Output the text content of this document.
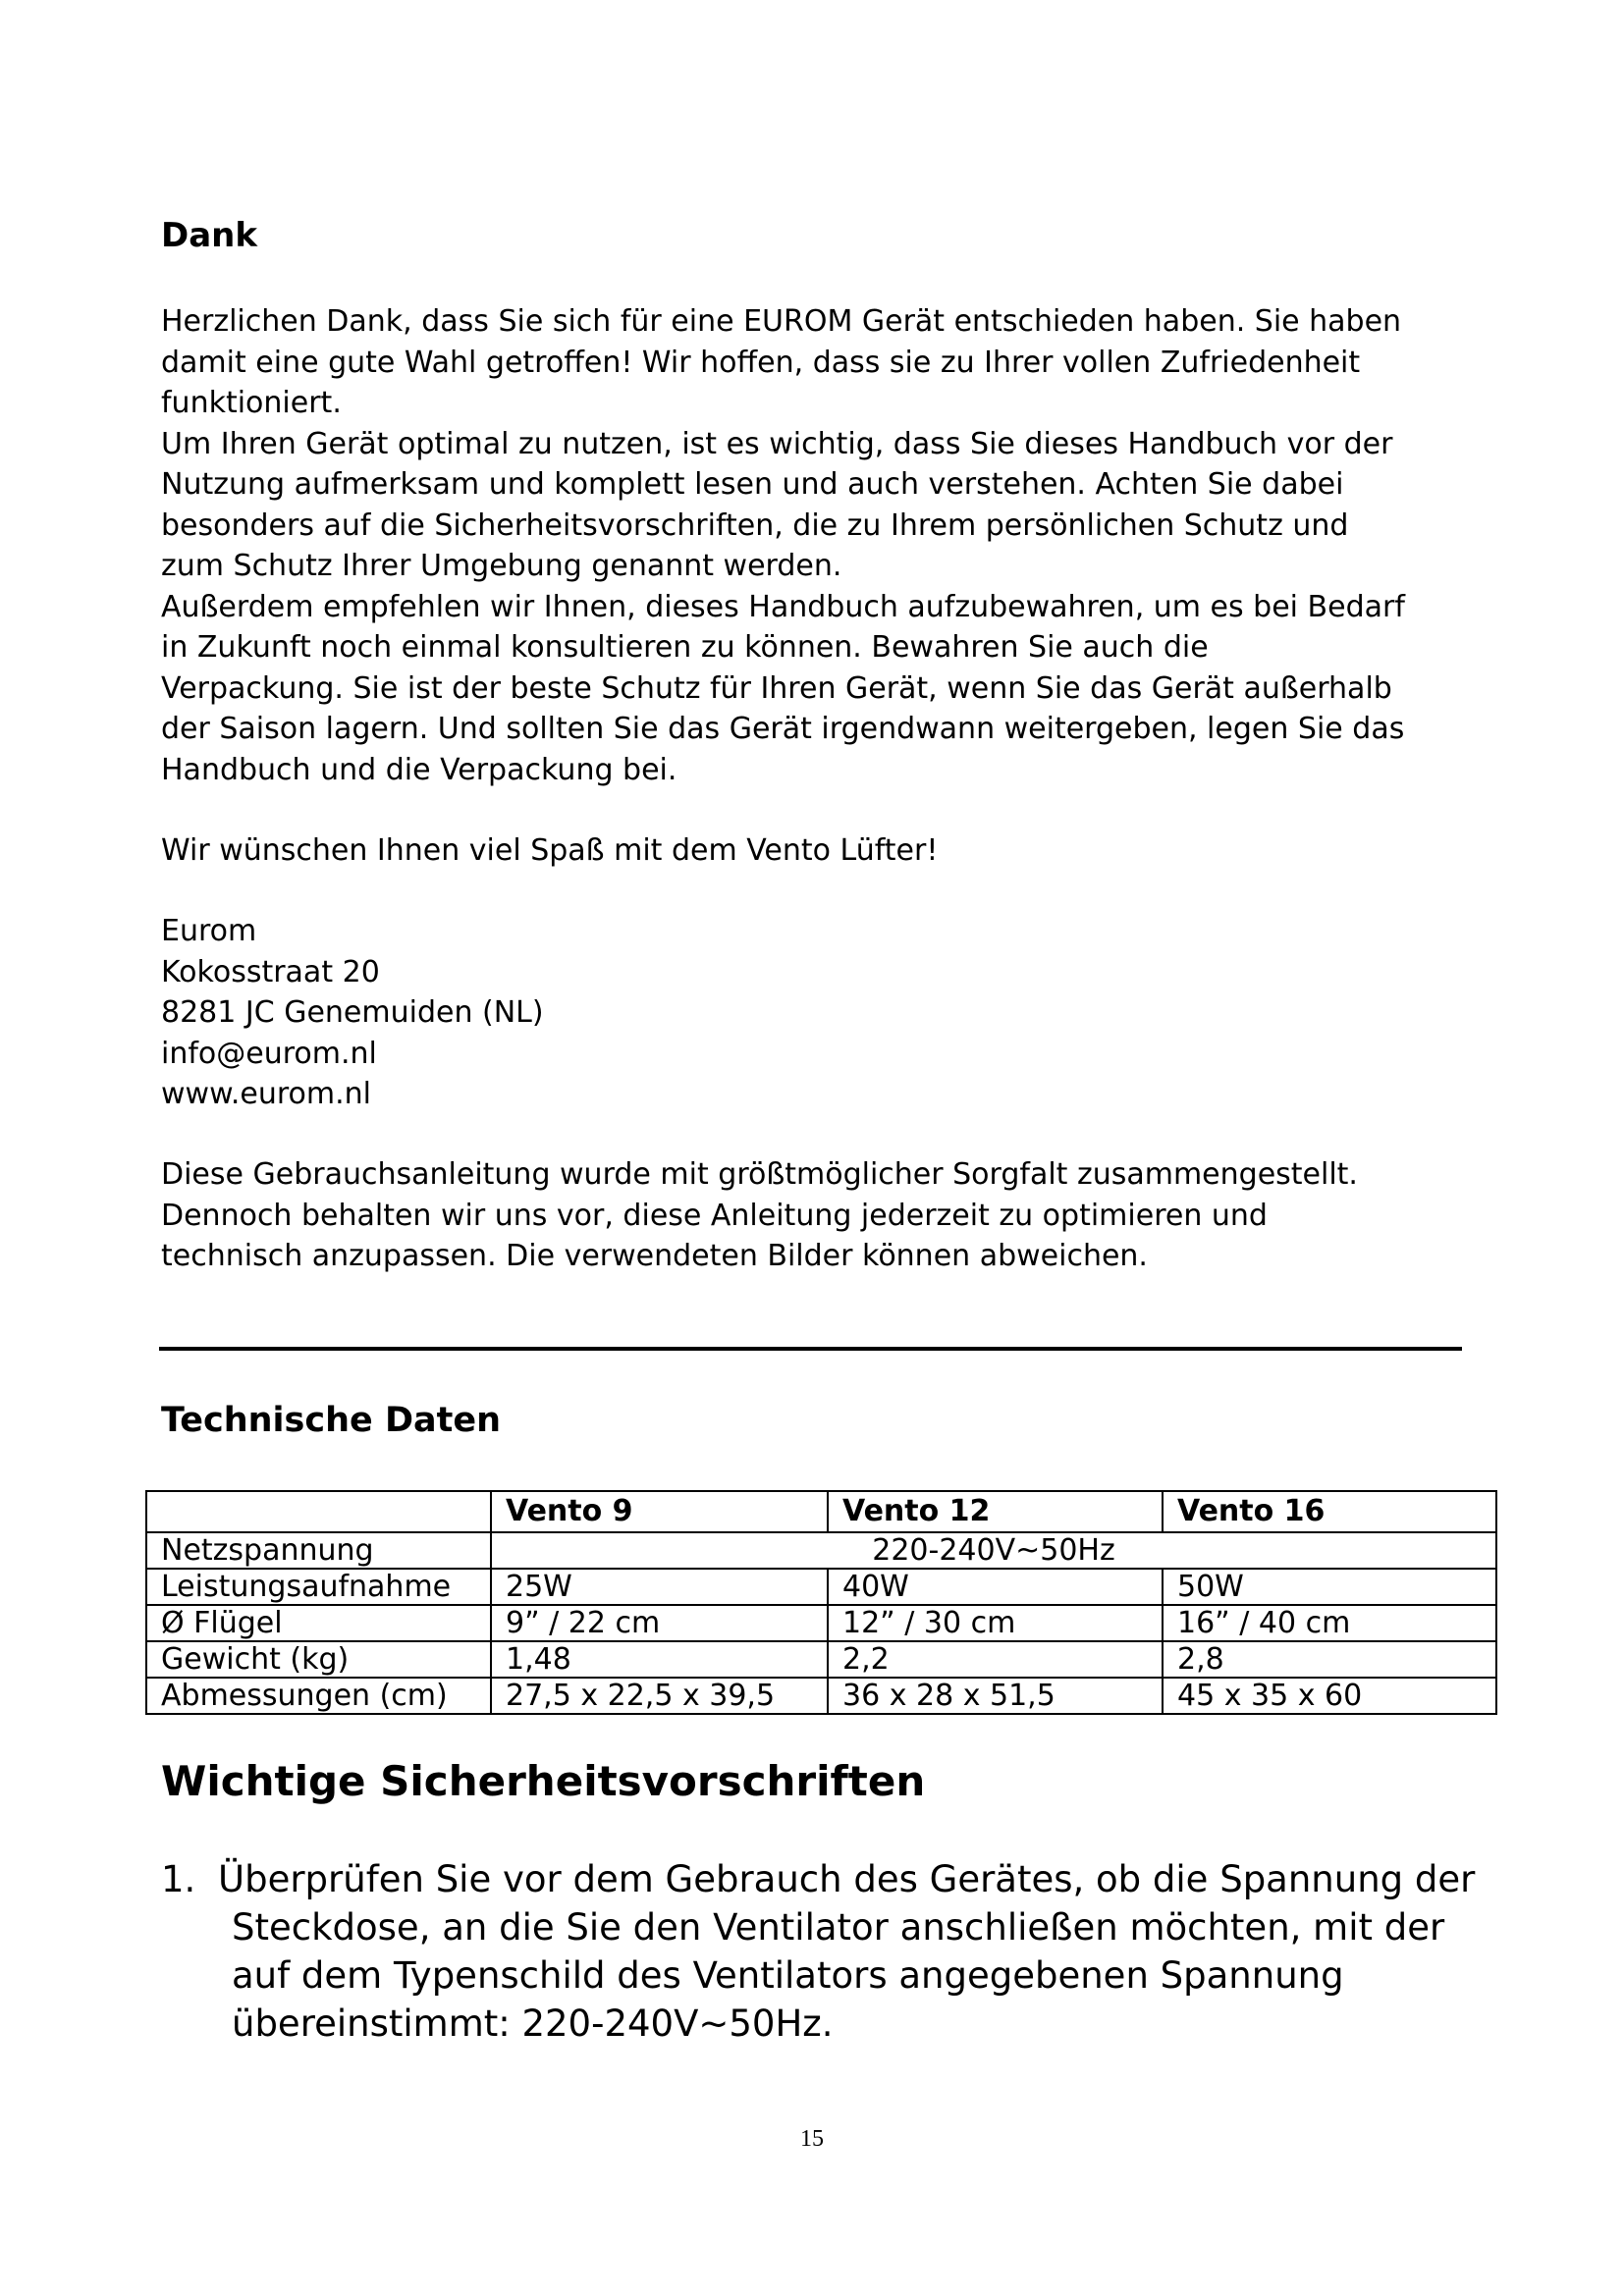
Dank

Herzlichen Dank, dass Sie sich für eine EUROM Gerät entschieden haben. Sie haben
damit eine gute Wahl getroffen! Wir hoffen, dass sie zu Ihrer vollen Zufriedenheit
funktioniert.
Um Ihren Gerät optimal zu nutzen, ist es wichtig, dass Sie dieses Handbuch vor der
Nutzung aufmerksam und komplett lesen und auch verstehen. Achten Sie dabei
besonders auf die Sicherheitsvorschriften, die zu Ihrem persönlichen Schutz und
zum Schutz Ihrer Umgebung genannt werden.
Außerdem empfehlen wir Ihnen, dieses Handbuch aufzubewahren, um es bei Bedarf
in Zukunft noch einmal konsultieren zu können. Bewahren Sie auch die
Verpackung. Sie ist der beste Schutz für Ihren Gerät, wenn Sie das Gerät außerhalb
der Saison lagern. Und sollten Sie das Gerät irgendwann weitergeben, legen Sie das
Handbuch und die Verpackung bei.

Wir wünschen Ihnen viel Spaß mit dem Vento Lüfter!

Eurom
Kokosstraat 20
8281 JC Genemuiden (NL)
info@eurom.nl
www.eurom.nl

Diese Gebrauchsanleitung wurde mit größtmöglicher Sorgfalt zusammengestellt.
Dennoch behalten wir uns vor, diese Anleitung jederzeit zu optimieren und
technisch anzupassen. Die verwendeten Bilder können abweichen.

Technische Daten
	Vento 9	Vento 12	Vento 16
Netzspannung	220-240V~50Hz		
Leistungsaufnahme	25W	40W	50W
Ø Flügel	9” / 22 cm	12” / 30 cm	16” / 40 cm
Gewicht (kg)	1,48	2,2	2,8
Abmessungen (cm)	27,5 x 22,5 x 39,5	36 x 28 x 51,5	45 x 35 x 60
Wichtige Sicherheitsvorschriften
1. Überprüfen Sie vor dem Gebrauch des Gerätes, ob die Spannung der Steckdose, an die Sie den Ventilator anschließen möchten, mit der auf dem Typenschild des Ventilators angegebenen Spannung übereinstimmt: 220-240V~50Hz.
15
